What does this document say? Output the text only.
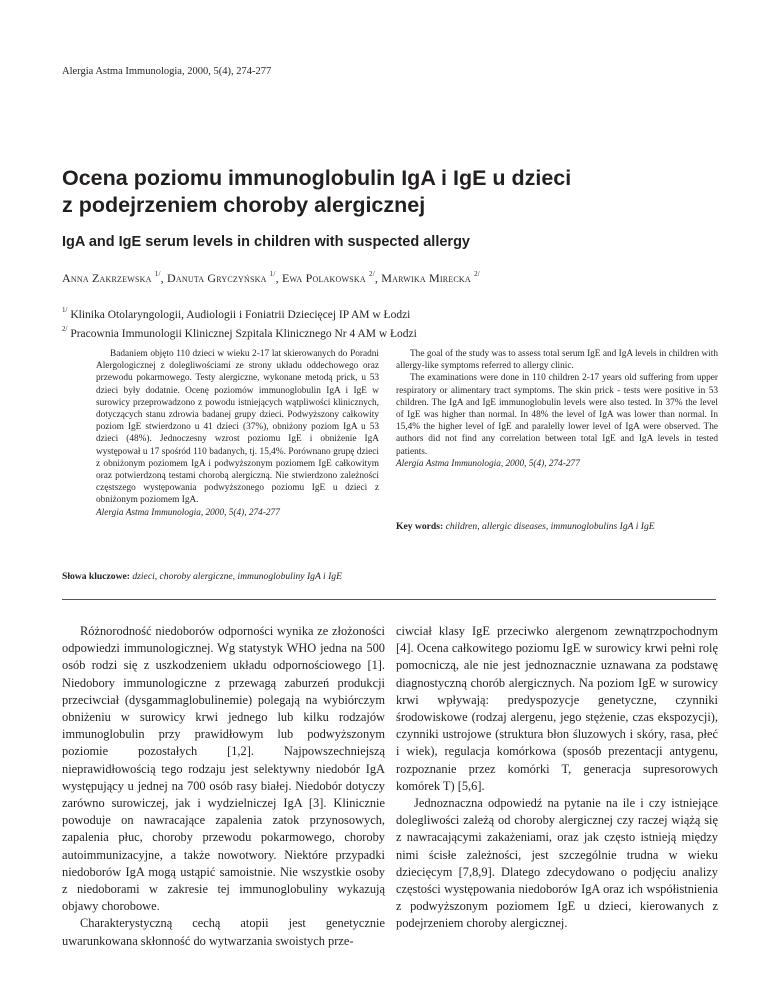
Alergia Astma Immunologia, 2000, 5(4), 274-277
Ocena poziomu immunoglobulin IgA i IgE u dzieci
z podejrzeniem choroby alergicznej
IgA and IgE serum levels in children with suspected allergy
Anna Zakrzewska $^{1/}$, Danuta Gryczyńska $^{1/}$, Ewa Polakowska $^{2/}$, Marwika Mirecka $^{2/}$
$^{1/}$ Klinika Otolaryngologii, Audiologii i Foniatrii Dziecięcej IP AM w Łodzi
$^{2/}$ Pracownia Immunologii Klinicznej Szpitala Klinicznego Nr 4 AM w Łodzi

Badaniem objęto 110 dzieci w wieku 2-17 lat skierowanych do Poradni Alergologicznej z dolegliwościami ze strony układu oddechowego oraz przewodu pokarmowego. Testy alergiczne, wykonane metodą prick, u 53 dzieci były dodatnie. Ocenę poziomów immunoglobulin IgA i IgE w surowicy przeprowadzono z powodu istniejących wątpliwości klinicznych, dotyczących stanu zdrowia badanej grupy dzieci. Podwyższony całkowity poziom IgE stwierdzono u 41 dzieci (37%), obniżony poziom IgA u 53 dzieci (48%). Jednoczesny wzrost poziomu IgE i obniżenie IgA występował u 17 spośród 110 badanych, tj. 15,4%. Porównano grupę dzieci z obniżonym poziomem IgA i podwyższonym poziomem IgE całkowitym oraz potwierdzoną testami chorobą alergiczną. Nie stwierdzono zależności częstszego występowania podwyższonego poziomu IgE u dzieci z obniżonym poziomem IgA.

Alergia Astma Immunologia, 2000, 5(4), 274-277

The goal of the study was to assess total serum IgE and IgA levels in children with allergy-like symptoms referred to allergy clinic.

The examinations were done in 110 children 2-17 years old suffering from upper respiratory or alimentary tract symptoms. The skin prick - tests were positive in 53 children. The IgA and IgE immunoglobulin levels were also tested. In 37% the level of IgE was higher than normal. In 48% the level of IgA was lower than normal. In 15,4% the higher level of IgE and paralelly lower level of IgA were observed. The authors did not find any correlation between total IgE and IgA levels in tested patients.

Alergia Astma Immunologia, 2000, 5(4), 274-277
Key words: children, allergic diseases, immunoglobulins IgA i IgE
Słowa kluczowe: dzieci, choroby alergiczne, immunoglobuliny IgA i IgE

Różnorodność niedoborów odporności wynika ze złożoności odpowiedzi immunologicznej. Wg statystyk WHO jedna na 500 osób rodzi się z uszkodzeniem układu odpornościowego [1]. Niedobory immunologiczne z przewagą zaburzeń produkcji przeciwciał (dysgammaglobulinemie) polegają na wybiórczym obniżeniu w surowicy krwi jednego lub kilku rodzajów immunoglobulin przy prawidłowym lub podwyższonym poziomie pozostałych [1,2]. Najpowszechniejszą nieprawidłowością tego rodzaju jest selektywny niedobór IgA występujący u jednej na 700 osób rasy białej. Niedobór dotyczy zarówno surowiczej, jak i wydzielniczej IgA [3]. Klinicznie powoduje on nawracające zapalenia zatok przynosowych, zapalenia płuc, choroby przewodu pokarmowego, choroby autoimmunizacyjne, a także nowotwory. Niektóre przypadki niedoborów IgA mogą ustąpić samoistnie. Nie wszystkie osoby z niedoborami w zakresie tej immunoglobuliny wykazują objawy chorobowe.

Charakterystyczną cechą atopii jest genetycznie uwarunkowana skłonność do wytwarzania swoistych prze-

ciwciał klasy IgE przeciwko alergenom zewnątrzpochodnym [4]. Ocena całkowitego poziomu IgE w surowicy krwi pełni rolę pomocniczą, ale nie jest jednoznacznie uznawana za podstawę diagnostyczną chorób alergicznych. Na poziom IgE w surowicy krwi wpływają: predyspozycje genetyczne, czynniki środowiskowe (rodzaj alergenu, jego stężenie, czas ekspozycji), czynniki ustrojowe (struktura błon śluzowych i skóry, rasa, płeć i wiek), regulacja komórkowa (sposób prezentacji antygenu, rozpoznanie przez komórki T, generacja supresorowych komórek T) [5,6].

Jednoznaczna odpowiedź na pytanie na ile i czy istniejące dolegliwości zależą od choroby alergicznej czy raczej wiążą się z nawracającymi zakażeniami, oraz jak często istnieją między nimi ścisłe zależności, jest szczególnie trudna w wieku dziecięcym [7,8,9]. Dlatego zdecydowano o podjęciu analizy częstości występowania niedoborów IgA oraz ich współistnienia z podwyższonym poziomem IgE u dzieci, kierowanych z podejrzeniem choroby alergicznej.
